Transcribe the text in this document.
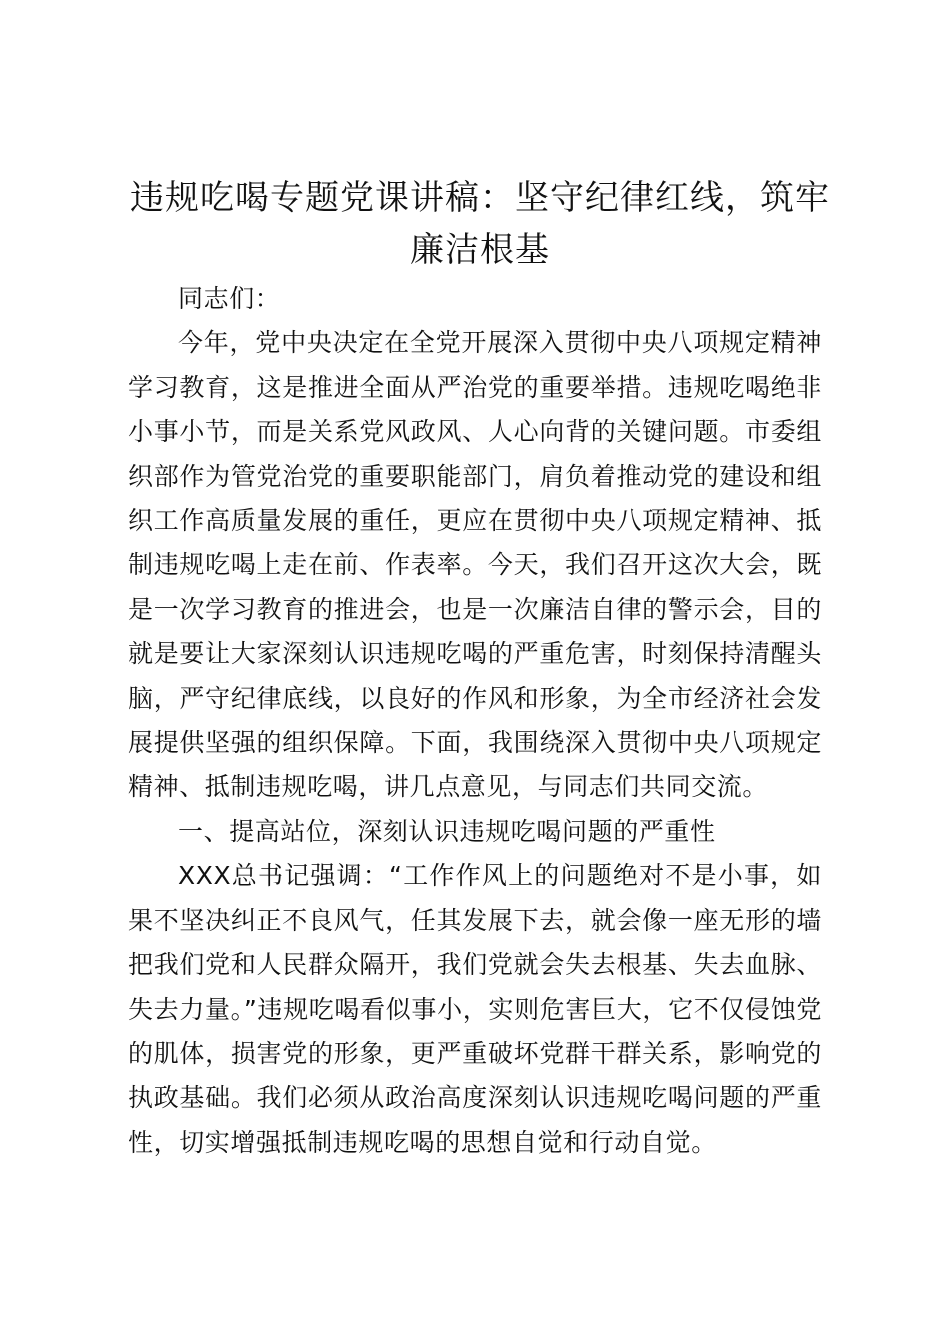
违规吃喝专题党课讲稿：坚守纪律红线，筑牢廉洁根基

同志们：

今年，党中央决定在全党开展深入贯彻中央八项规定精神学习教育，这是推进全面从严治党的重要举措。违规吃喝绝非小事小节，而是关系党风政风、人心向背的关键问题。市委组织部作为管党治党的重要职能部门，肩负着推动党的建设和组织工作高质量发展的重任，更应在贯彻中央八项规定精神、抵制违规吃喝上走在前、作表率。今天，我们召开这次大会，既是一次学习教育的推进会，也是一次廉洁自律的警示会，目的就是要让大家深刻认识违规吃喝的严重危害，时刻保持清醒头脑，严守纪律底线，以良好的作风和形象，为全市经济社会发展提供坚强的组织保障。下面，我围绕深入贯彻中央八项规定精神、抵制违规吃喝，讲几点意见，与同志们共同交流。

一、提高站位，深刻认识违规吃喝问题的严重性

XXX总书记强调：“工作作风上的问题绝对不是小事，如果不坚决纠正不良风气，任其发展下去，就会像一座无形的墙把我们党和人民群众隔开，我们党就会失去根基、失去血脉、失去力量。”违规吃喝看似事小，实则危害巨大，它不仅侵蚀党的肌体，损害党的形象，更严重破坏党群干群关系，影响党的执政基础。我们必须从政治高度深刻认识违规吃喝问题的严重性，切实增强抵制违规吃喝的思想自觉和行动自觉。
